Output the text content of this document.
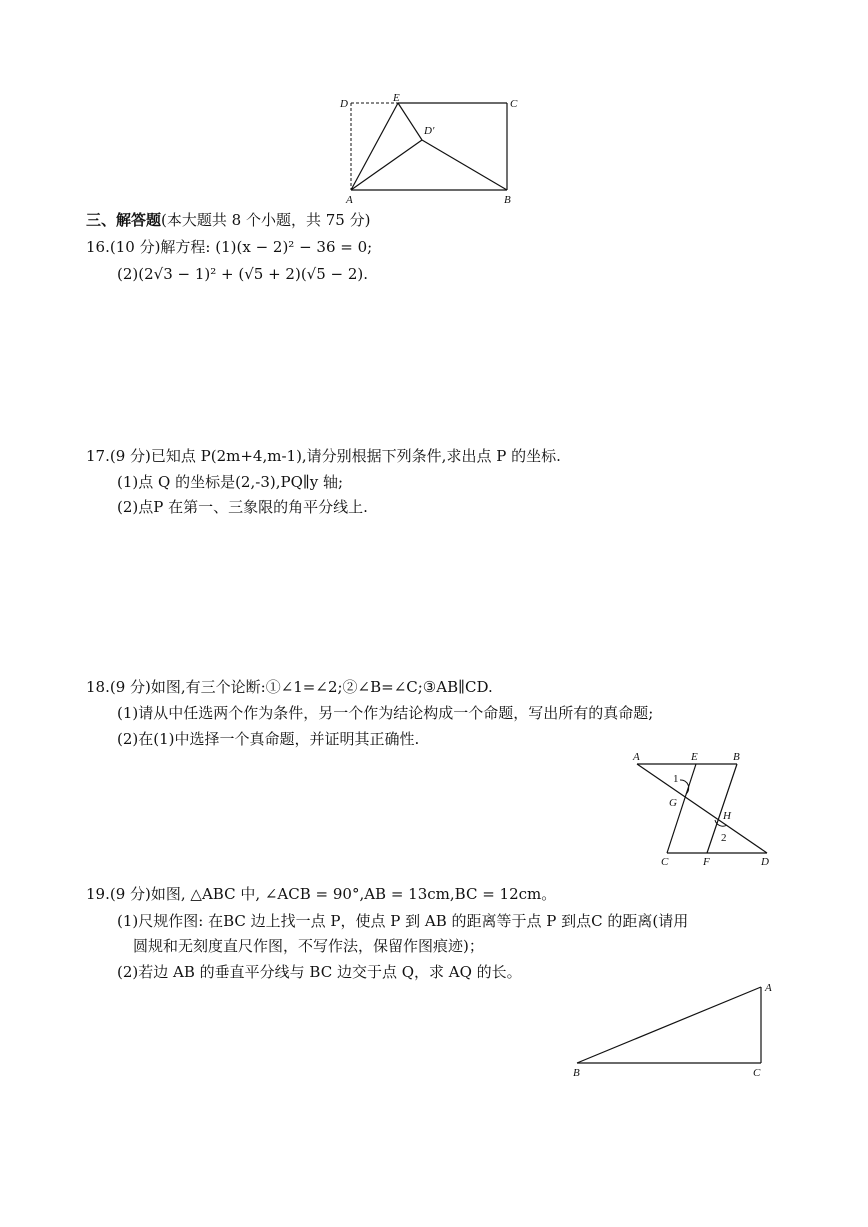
D	E	C
D′
A	B
三、解答题(本大题共 8 个小题，共 75 分)
16.(10 分)解方程: (1)(x − 2)² − 36 = 0;
(2)(2√3 − 1)² + (√5 + 2)(√5 − 2).
17.(9 分)已知点 P(2m+4,m-1),请分别根据下列条件,求出点 P 的坐标.
(1)点 Q 的坐标是(2,-3),PQ∥y 轴;
(2)点P 在第一、三象限的角平分线上.
18.(9 分)如图,有三个论断:①∠1=∠2;②∠B=∠C;③AB∥CD.
(1)请从中任选两个作为条件，另一个作为结论构成一个命题，写出所有的真命题;
(2)在(1)中选择一个真命题，并证明其正确性.
A	E	B
1
G
H
2
C	F	D
19.(9 分)如图, △ABC 中, ∠ACB = 90°,AB = 13cm,BC = 12cm。
(1)尺规作图: 在BC 边上找一点 P，使点 P 到 AB 的距离等于点 P 到点C 的距离(请用
圆规和无刻度直尺作图，不写作法，保留作图痕迹)；
(2)若边 AB 的垂直平分线与 BC 边交于点 Q，求 AQ 的长。
A
B	C
